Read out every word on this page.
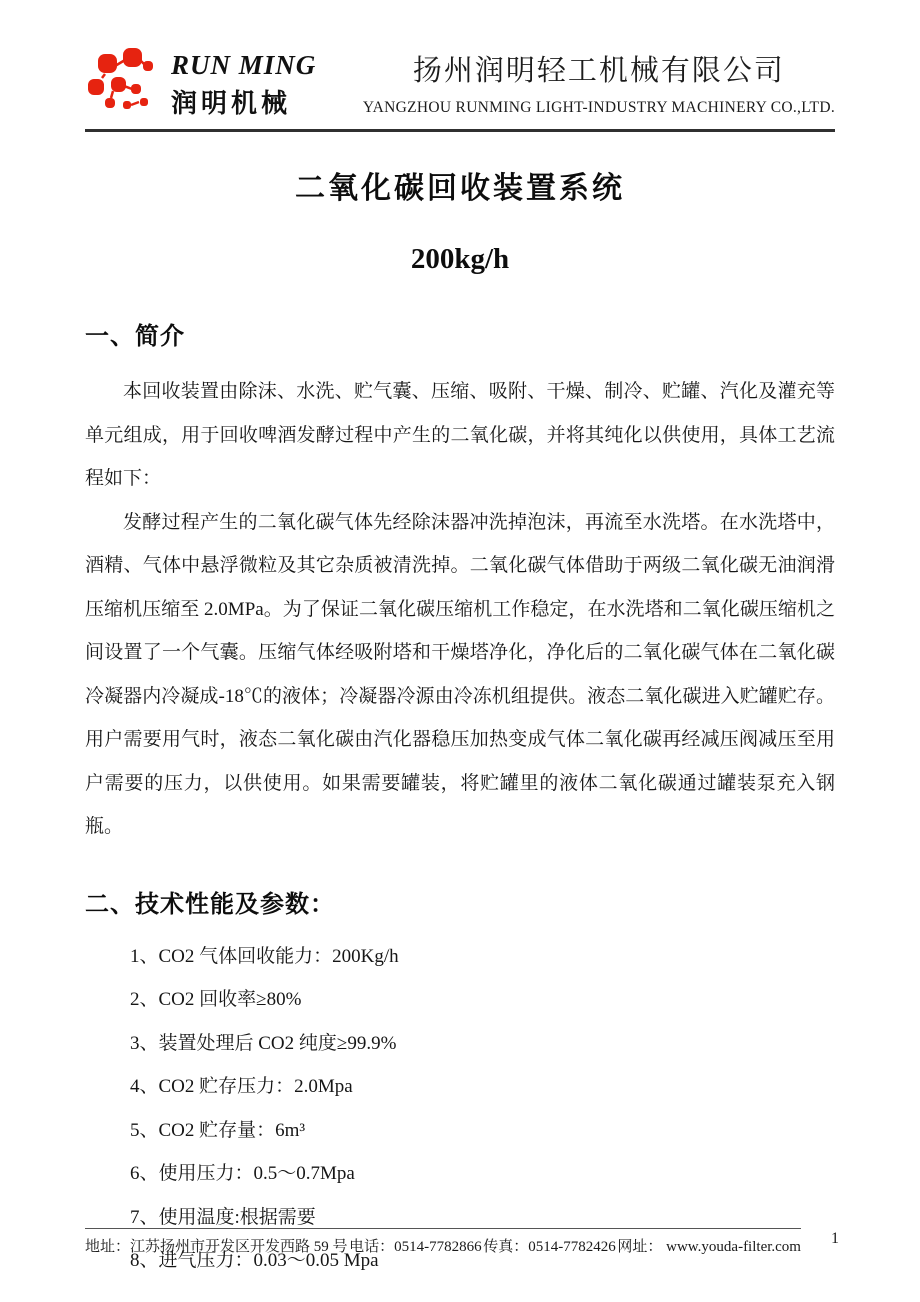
RUN MING
润明机械
扬州润明轻工机械有限公司
YANGZHOU RUNMING LIGHT-INDUSTRY MACHINERY CO.,LTD.
二氧化碳回收装置系统
200kg/h
一、简介

本回收装置由除沫、水洗、贮气囊、压缩、吸附、干燥、制冷、贮罐、汽化及灌充等单元组成，用于回收啤酒发酵过程中产生的二氧化碳，并将其纯化以供使用，具体工艺流程如下：

发酵过程产生的二氧化碳气体先经除沫器冲洗掉泡沫，再流至水洗塔。在水洗塔中，酒精、气体中悬浮微粒及其它杂质被清洗掉。二氧化碳气体借助于两级二氧化碳无油润滑压缩机压缩至 2.0MPa。为了保证二氧化碳压缩机工作稳定，在水洗塔和二氧化碳压缩机之间设置了一个气囊。压缩气体经吸附塔和干燥塔净化，净化后的二氧化碳气体在二氧化碳冷凝器内冷凝成-18℃的液体；冷凝器冷源由冷冻机组提供。液态二氧化碳进入贮罐贮存。用户需要用气时，液态二氧化碳由汽化器稳压加热变成气体二氧化碳再经减压阀减压至用户需要的压力，以供使用。如果需要罐装，将贮罐里的液体二氧化碳通过罐装泵充入钢瓶。

二、技术性能及参数：
1、CO2 气体回收能力：200Kg/h
2、CO2 回收率≥80%
3、装置处理后 CO2 纯度≥99.9%
4、CO2 贮存压力：2.0Mpa
5、CO2 贮存量：6m³
6、使用压力：0.5～0.7Mpa
7、使用温度:根据需要
8、进气压力：0.03～0.05 Mpa
地址：江苏扬州市开发区开发西路 59 号 电话：0514-7782866 传真：0514-7782426 网址： www.youda-filter.com 1
